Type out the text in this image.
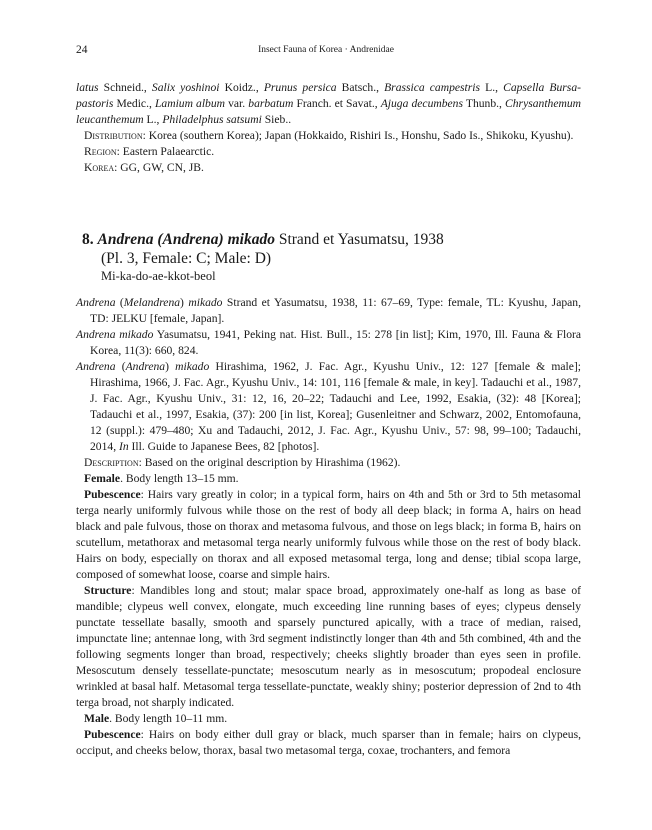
24	Insect Fauna of Korea · Andrenidae

latus Schneid., Salix yoshinoi Koidz., Prunus persica Batsch., Brassica campestris L., Capsella Bursa-pastoris Medic., Lamium album var. barbatum Franch. et Savat., Ajuga decumbens Thunb., Chrysanthemum leucanthemum L., Philadelphus satsumi Sieb..

Distribution: Korea (southern Korea); Japan (Hokkaido, Rishiri Is., Honshu, Sado Is., Shikoku, Kyushu).

Region: Eastern Palaearctic.

Korea: GG, GW, CN, JB.

8. Andrena (Andrena) mikado Strand et Yasumatsu, 1938
(Pl. 3, Female: C; Male: D)
Mi-ka-do-ae-kkot-beol

Andrena (Melandrena) mikado Strand et Yasumatsu, 1938, 11: 67–69, Type: female, TL: Kyushu, Japan, TD: JELKU [female, Japan].

Andrena mikado Yasumatsu, 1941, Peking nat. Hist. Bull., 15: 278 [in list]; Kim, 1970, Ill. Fauna & Flora Korea, 11(3): 660, 824.

Andrena (Andrena) mikado Hirashima, 1962, J. Fac. Agr., Kyushu Univ., 12: 127 [female & male]; Hirashima, 1966, J. Fac. Agr., Kyushu Univ., 14: 101, 116 [female & male, in key]. Tadauchi et al., 1987, J. Fac. Agr., Kyushu Univ., 31: 12, 16, 20–22; Tadauchi and Lee, 1992, Esakia, (32): 48 [Korea]; Tadauchi et al., 1997, Esakia, (37): 200 [in list, Korea]; Gusenleitner and Schwarz, 2002, Entomofauna, 12 (suppl.): 479–480; Xu and Tadauchi, 2012, J. Fac. Agr., Kyushu Univ., 57: 98, 99–100; Tadauchi, 2014, In Ill. Guide to Japanese Bees, 82 [photos].

Description: Based on the original description by Hirashima (1962).

Female. Body length 13–15 mm.

Pubescence: Hairs vary greatly in color; in a typical form, hairs on 4th and 5th or 3rd to 5th metasomal terga nearly uniformly fulvous while those on the rest of body all deep black; in forma A, hairs on head black and pale fulvous, those on thorax and metasoma fulvous, and those on legs black; in forma B, hairs on scutellum, metathorax and metasomal terga nearly uniformly fulvous while those on the rest of body black. Hairs on body, especially on thorax and all exposed metasomal terga, long and dense; tibial scopa large, composed of somewhat loose, coarse and simple hairs.

Structure: Mandibles long and stout; malar space broad, approximately one-half as long as base of mandible; clypeus well convex, elongate, much exceeding line running bases of eyes; clypeus densely punctate tessellate basally, smooth and sparsely punctured apically, with a trace of median, raised, impunctate line; antennae long, with 3rd segment indistinctly longer than 4th and 5th combined, 4th and the following segments longer than broad, respectively; cheeks slightly broader than eyes seen in profile. Mesoscutum densely tessellate-punctate; mesoscutum nearly as in mesoscutum; propodeal enclosure wrinkled at basal half. Metasomal terga tessellate-punctate, weakly shiny; posterior depression of 2nd to 4th terga broad, not sharply indicated.

Male. Body length 10–11 mm.

Pubescence: Hairs on body either dull gray or black, much sparser than in female; hairs on clypeus, occiput, and cheeks below, thorax, basal two metasomal terga, coxae, trochanters, and femora
